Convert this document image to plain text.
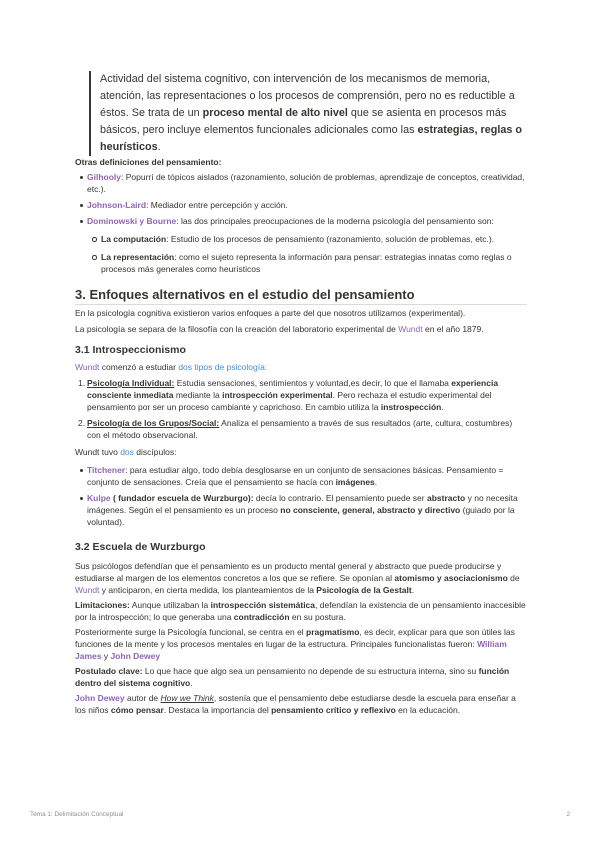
Actividad del sistema cognitivo, con intervención de los mecanismos de memoria, atención, las representaciones o los procesos de comprensión, pero no es reductible a éstos. Se trata de un proceso mental de alto nivel que se asienta en procesos más básicos, pero incluye elementos funcionales adicionales como las estrategias, reglas o heurísticos.
Otras definiciones del pensamiento:
Gilhooly: Popurrí de tópicos aislados (razonamiento, solución de problemas, aprendizaje de conceptos, creatividad, etc.).
Johnson-Laird: Mediador entre percepción y acción.
Dominowski y Bourne: las dos principales preocupaciones de la moderna psicología del pensamiento son:
La computación: Estudio de los procesos de pensamiento (razonamiento, solución de problemas, etc.).
La representación: como el sujeto representa la información para pensar: estrategias innatas como reglas o procesos más generales como heurísticos
3. Enfoques alternativos en el estudio del pensamiento

En la psicología cognitiva existieron varios enfoques a parte del que nosotros utilizamos (experimental).

La psicología se separa de la filosofía con la creación del laboratorio experimental de Wundt en el año 1879.

3.1 Introspeccionismo

Wundt comenzó a estudiar dos tipos de psicología:

1. Psicología Individual: Estudia sensaciones, sentimientos y voluntad,es decir, lo que el llamaba experiencia consciente inmediata mediante la introspección experimental. Pero rechaza el estudio experimental del pensamiento por ser un proceso cambiante y caprichoso. En cambio utiliza la instrospección.
2. Psicología de los Grupos/Social: Analiza el pensamiento a través de sus resultados (arte, cultura, costumbres) con el método observacional.

Wundt tuvo dos discípulos:

Titchener: para estudiar algo, todo debía desglosarse en un conjunto de sensaciones básicas. Pensamiento = conjunto de sensaciones. Creía que el pensamiento se hacía con imágenes.
Kulpe ( fundador escuela de Wurzburgo): decía lo contrario. El pensamiento puede ser abstracto y no necesita imágenes. Según el el pensamiento es un proceso no consciente, general, abstracto y directivo (guiado por la voluntad).
3.2 Escuela de Wurzburgo

Sus psicólogos defendían que el pensamiento es un producto mental general y abstracto que puede producirse y estudiarse al margen de los elementos concretos a los que se refiere. Se oponían al atomismo y asociacionismo de Wundt y anticiparon, en cierta medida, los planteamientos de la Psicología de la Gestalt.

Limitaciones: Aunque utilizaban la introspección sistemática, defendían la existencia de un pensamiento inaccesible por la introspección; lo que generaba una contradicción en su postura.

Posteriormente surge la Psicología funcional, se centra en el pragmatismo, es decir, explicar para que son útiles las funciones de la mente y los procesos mentales en lugar de la estructura. Principales funcionalistas fueron: William James y John Dewey

Postulado clave: Lo que hace que algo sea un pensamiento no depende de su estructura interna, sino su función dentro del sistema cognitivo.

John Dewey autor de How we Think, sostenía que el pensamiento debe estudiarse desde la escuela para enseñar a los niños cómo pensar. Destaca la importancia del pensamiento crítico y reflexivo en la educación.

Tema 1: Delimitación Conceptual	2
